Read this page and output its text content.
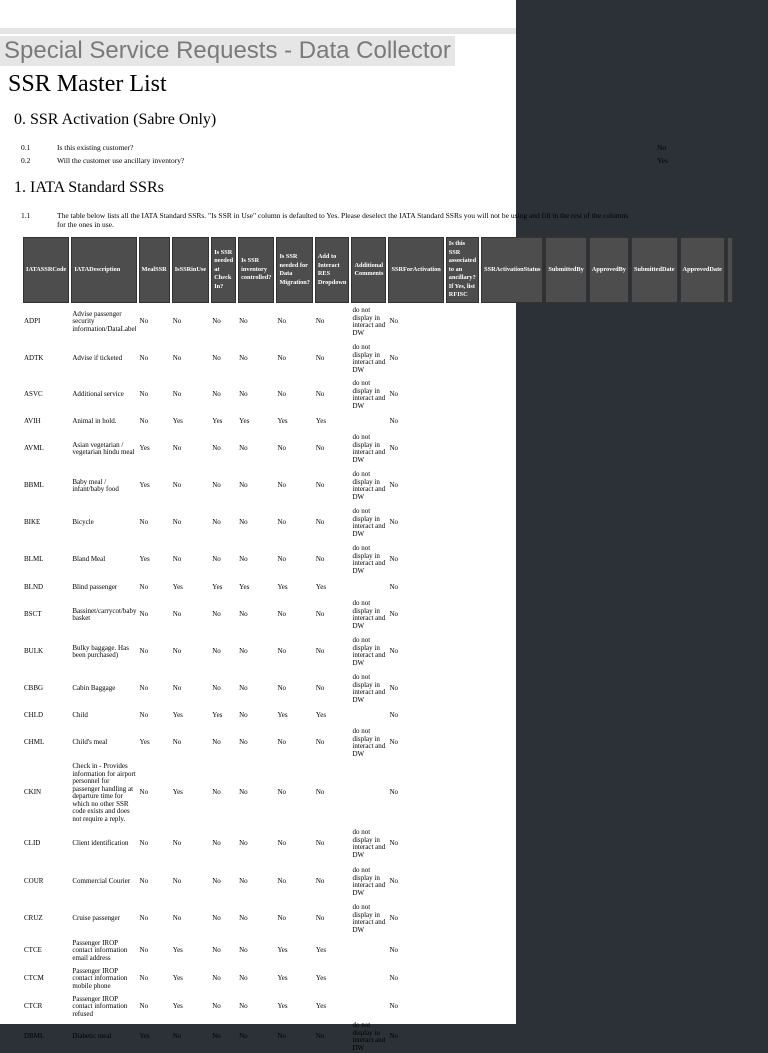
Special Service Requests - Data Collector
SSR Master List
0. SSR Activation (Sabre Only)
0.1	Is this existing customer?	No
0.2	Will the customer use ancillary inventory?	Yes
1. IATA Standard SSRs
1.1	The table below lists all the IATA Standard SSRs. "Is SSR in Use" column is defaulted to Yes. Please deselect the IATA Standard SSRs you will not be using and fill in the rest of the columns for the ones in use.
IATASSRCode	IATADescription	MealSSR	IsSSRinUse	Is SSR needed at Check In?	Is SSR inventory controlled?	Is SSR needed for Data Migration?	Add to Interact RES Dropdown	Additional Comments	SSRForActivation	Is this SSR associated to an ancillary? If Yes, list RFISC	SSRActivationStatus	SubmittedBy	ApprovedBy	SubmittedDate	ApprovedDate	
ADPI	Advise passenger security information/DataLabel	No	No	No	No	No	No	do not display in interact and DW	No							
ADTK	Advise if ticketed	No	No	No	No	No	No	do not display in interact and DW	No							
ASVC	Additional service	No	No	No	No	No	No	do not display in interact and DW	No							
AVIH	Animal in hold.	No	Yes	Yes	Yes	Yes	Yes		No							
AVML	Asian vegetarian / vegetarian hindu meal	Yes	No	No	No	No	No	do not display in interact and DW	No							
BBML	Baby meal / infant/baby food	Yes	No	No	No	No	No	do not display in interact and DW	No							
BIKE	Bicycle	No	No	No	No	No	No	do not display in interact and DW	No							
BLML	Bland Meal	Yes	No	No	No	No	No	do not display in interact and DW	No							
BLND	Blind passenger	No	Yes	Yes	Yes	Yes	Yes		No							
BSCT	Bassinet/carrycot/baby basket	No	No	No	No	No	No	do not display in interact and DW	No							
BULK	Bulky baggage. Has been purchased)	No	No	No	No	No	No	do not display in interact and DW	No							
CBBG	Cabin Baggage	No	No	No	No	No	No	do not display in interact and DW	No							
CHLD	Child	No	Yes	Yes	No	Yes	Yes		No							
CHML	Child's meal	Yes	No	No	No	No	No	do not display in interact and DW	No							
CKIN	Check in - Provides information for airport personnel for passenger handling at departure time for which no other SSR code exists and does not require a reply.	No	Yes	No	No	No	No		No							
CLID	Client identification	No	No	No	No	No	No	do not display in interact and DW	No							
COUR	Commercial Courier	No	No	No	No	No	No	do not display in interact and DW	No							
CRUZ	Cruise passenger	No	No	No	No	No	No	do not display in interact and DW	No							
CTCE	Passenger IROP contact information email address	No	Yes	No	No	Yes	Yes		No							
CTCM	Passenger IROP contact information mobile phone	No	Yes	No	No	Yes	Yes		No							
CTCR	Passenger IROP contact information refused	No	Yes	No	No	Yes	Yes		No							
DBML	Diabetic meal	Yes	No	No	No	No	No	do not display in interact and DW	No							
